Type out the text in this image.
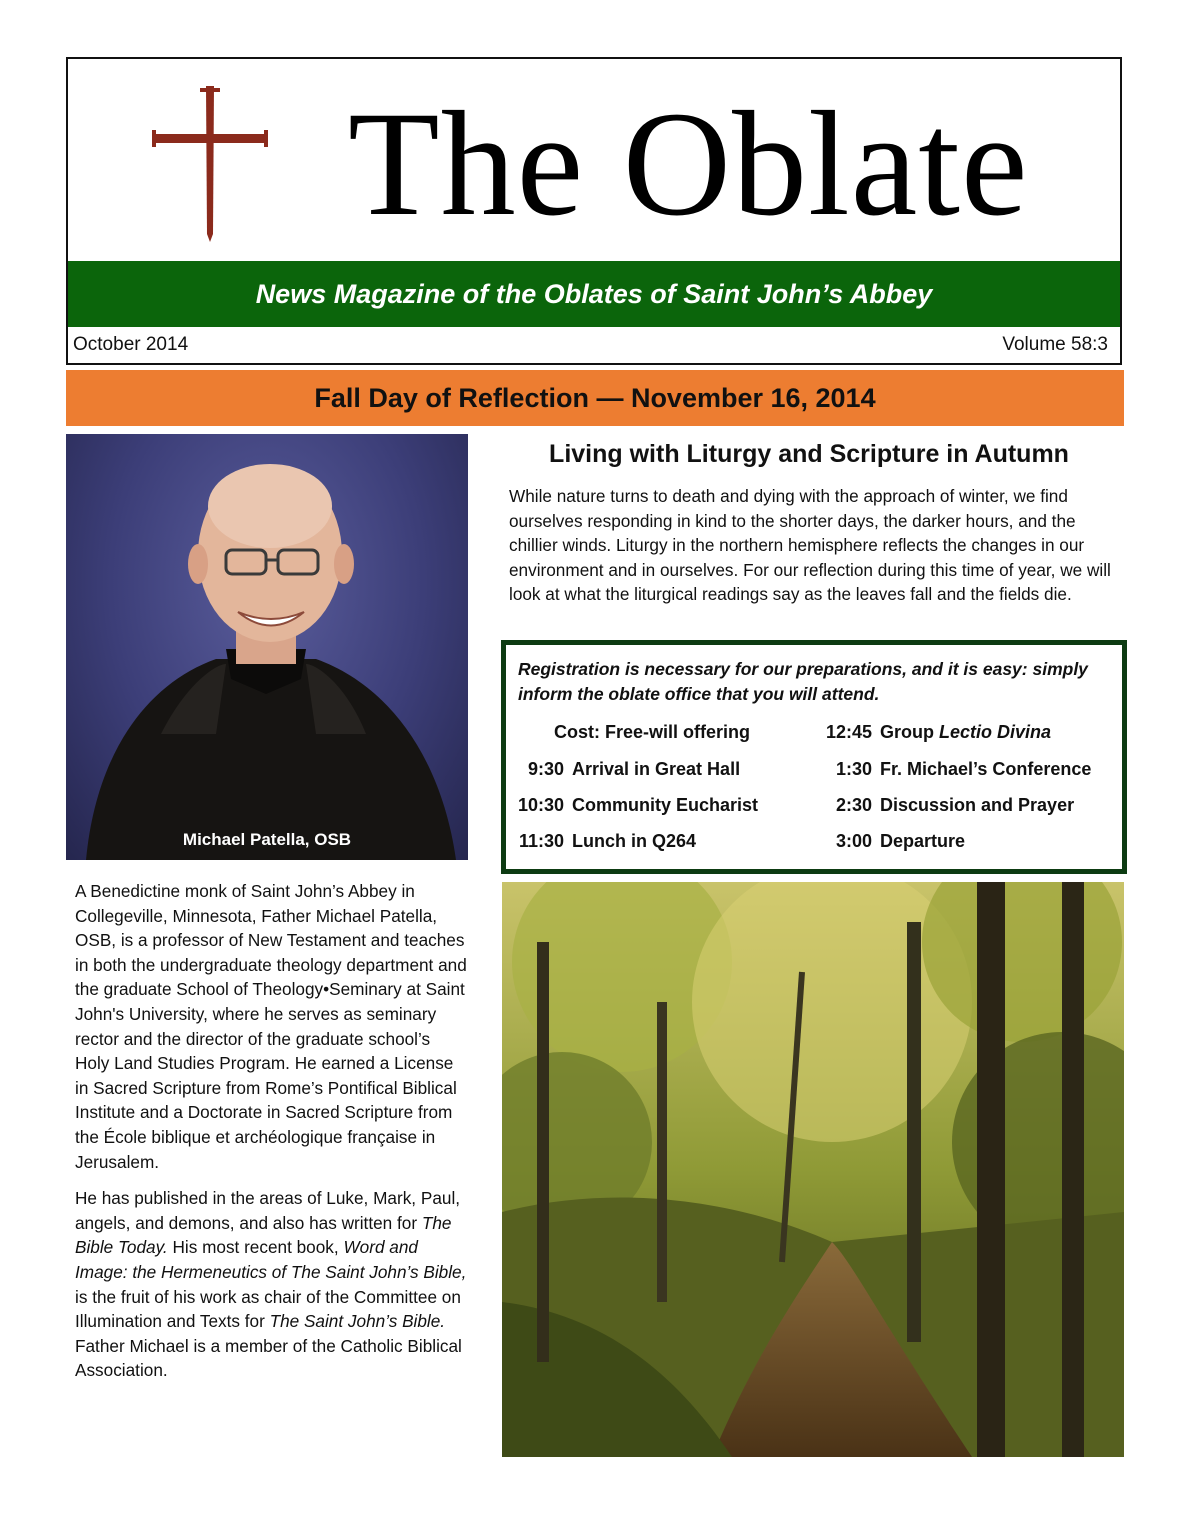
The Oblate
News Magazine of the Oblates of Saint John’s Abbey
October 2014	Volume 58:3
Fall Day of Reflection — November 16, 2014
Michael Patella, OSB

A Benedictine monk of Saint John’s Abbey in Collegeville, Minnesota, Father Michael Patella, OSB, is a professor of New Testament and teaches in both the undergraduate theology department and the graduate School of Theology•Seminary at Saint John's University, where he serves as seminary rector and the director of the graduate school’s Holy Land Studies Program. He earned a License in Sacred Scripture from Rome’s Pontifical Biblical Institute and a Doctorate in Sacred Scripture from the École biblique et archéologique française in Jerusalem.

He has published in the areas of Luke, Mark, Paul, angels, and demons, and also has written for The Bible Today. His most recent book, Word and Image: the Hermeneutics of The Saint John’s Bible, is the fruit of his work as chair of the Committee on Illumination and Texts for The Saint John’s Bible. Father Michael is a member of the Catholic Biblical Association.

Living with Liturgy and Scripture in Autumn
While nature turns to death and dying with the approach of winter, we find ourselves responding in kind to the shorter days, the darker hours, and the chillier winds. Liturgy in the northern hemisphere reflects the changes in our environment and in ourselves. For our reflection during this time of year, we will look at what the liturgical readings say as the leaves fall and the fields die.
Registration is necessary for our preparations, and it is easy: simply inform the oblate office that you will attend.
Cost: Free-will offering
9:30 Arrival in Great Hall
10:30 Community Eucharist
11:30 Lunch in Q264
12:45 Group Lectio Divina
1:30 Fr. Michael’s Conference
2:30 Discussion and Prayer
3:00 Departure
